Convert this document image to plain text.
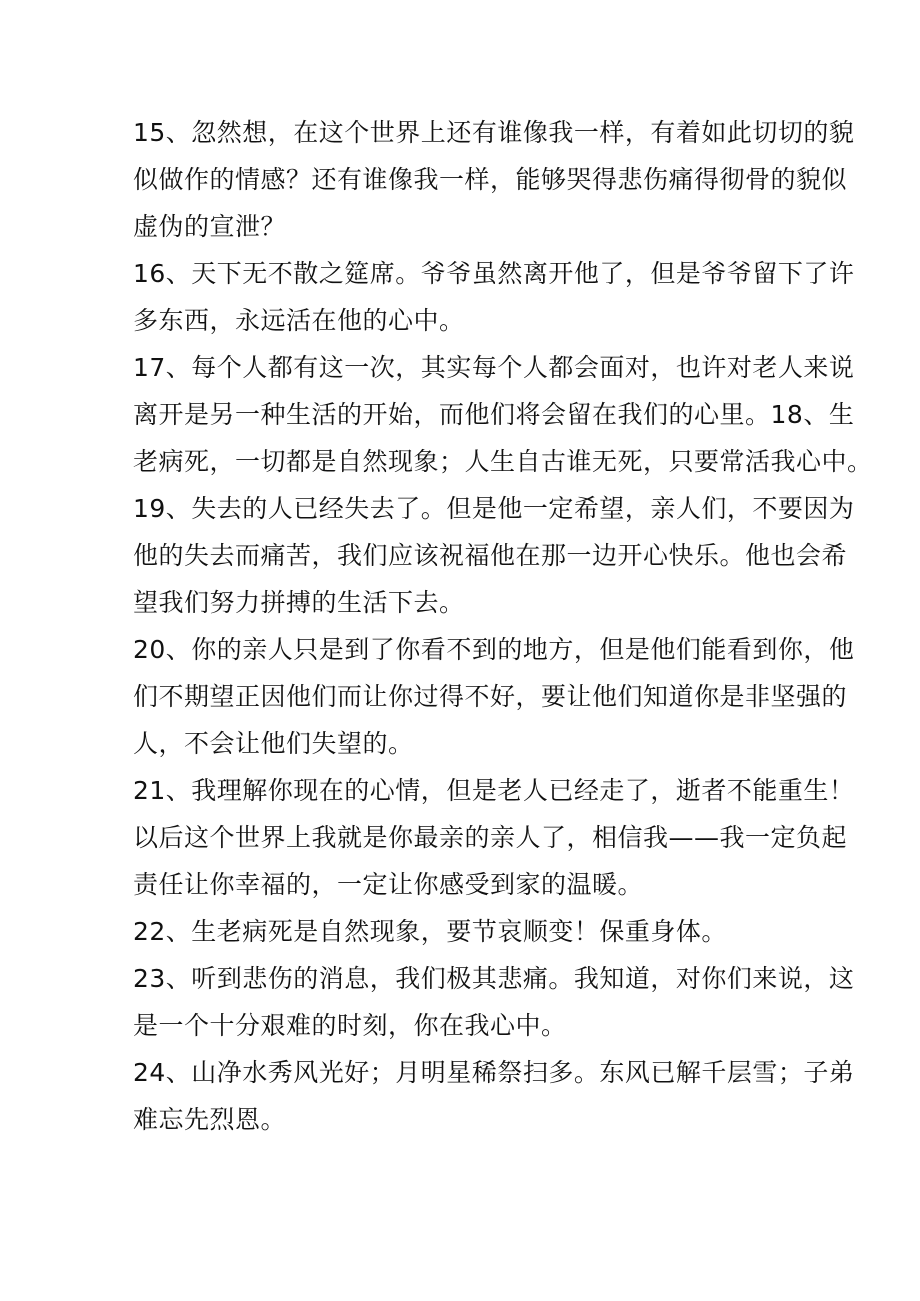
15、忽然想，在这个世界上还有谁像我一样，有着如此切切的貌
似做作的情感？还有谁像我一样，能够哭得悲伤痛得彻骨的貌似
虚伪的宣泄？
16、天下无不散之筵席。爷爷虽然离开他了，但是爷爷留下了许
多东西，永远活在他的心中。
17、每个人都有这一次，其实每个人都会面对，也许对老人来说
离开是另一种生活的开始，而他们将会留在我们的心里。18、生
老病死，一切都是自然现象；人生自古谁无死，只要常活我心中。
19、失去的人已经失去了。但是他一定希望，亲人们，不要因为
他的失去而痛苦，我们应该祝福他在那一边开心快乐。他也会希
望我们努力拼搏的生活下去。
20、你的亲人只是到了你看不到的地方，但是他们能看到你，他
们不期望正因他们而让你过得不好，要让他们知道你是非坚强的
人，不会让他们失望的。
21、我理解你现在的心情，但是老人已经走了，逝者不能重生！
以后这个世界上我就是你最亲的亲人了，相信我——我一定负起
责任让你幸福的，一定让你感受到家的温暖。
22、生老病死是自然现象，要节哀顺变！保重身体。
23、听到悲伤的消息，我们极其悲痛。我知道，对你们来说，这
是一个十分艰难的时刻，你在我心中。
24、山净水秀风光好；月明星稀祭扫多。东风已解千层雪；子弟
难忘先烈恩。
